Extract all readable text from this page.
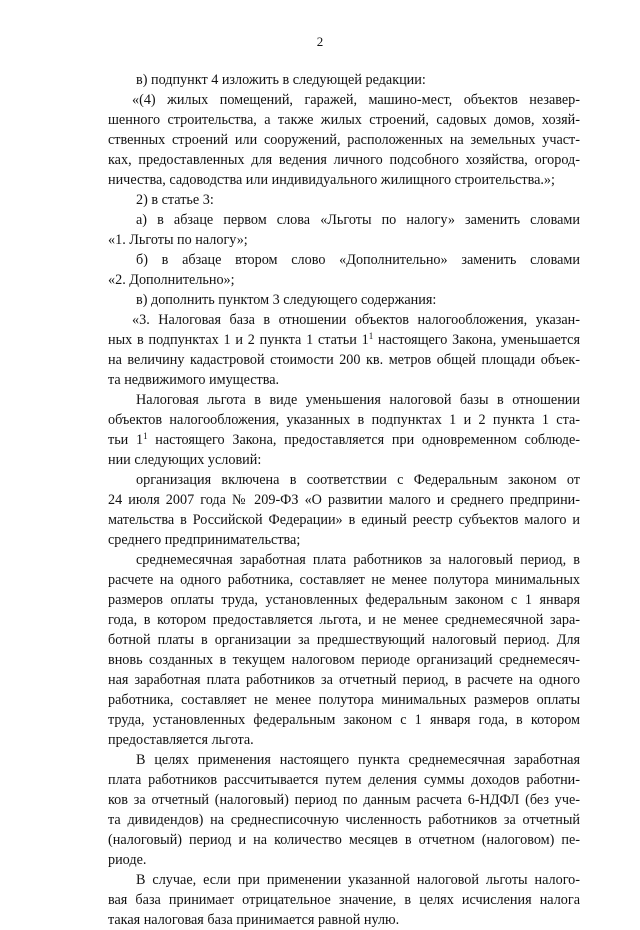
2
в) подпункт 4 изложить в следующей редакции:
«(4) жилых помещений, гаражей, машино-мест, объектов незавер-
шенного строительства, а также жилых строений, садовых домов, хозяй-
ственных строений или сооружений, расположенных на земельных участ-
ках, предоставленных для ведения личного подсобного хозяйства, огород-
ничества, садоводства или индивидуального жилищного строительства.»;
2) в статье 3:
а) в абзаце первом слова «Льготы по налогу» заменить словами
«1. Льготы по налогу»;
б) в абзаце втором слово «Дополнительно» заменить словами
«2. Дополнительно»;
в) дополнить пунктом 3 следующего содержания:
«3. Налоговая база в отношении объектов налогообложения, указан-
ных в подпунктах 1 и 2 пункта 1 статьи $1^1$ настоящего Закона, уменьшается
на величину кадастровой стоимости 200 кв. метров общей площади объек-
та недвижимого имущества.
Налоговая льгота в виде уменьшения налоговой базы в отношении
объектов налогообложения, указанных в подпунктах 1 и 2 пункта 1 ста-
тьи $1^1$ настоящего Закона, предоставляется при одновременном соблюде-
нии следующих условий:
организация включена в соответствии с Федеральным законом от
24 июля 2007 года № 209-ФЗ «О развитии малого и среднего предприни-
мательства в Российской Федерации» в единый реестр субъектов малого и
среднего предпринимательства;
среднемесячная заработная плата работников за налоговый период, в
расчете на одного работника, составляет не менее полутора минимальных
размеров оплаты труда, установленных федеральным законом с 1 января
года, в котором предоставляется льгота, и не менее среднемесячной зара-
ботной платы в организации за предшествующий налоговый период. Для
вновь созданных в текущем налоговом периоде организаций среднемесяч-
ная заработная плата работников за отчетный период, в расчете на одного
работника, составляет не менее полутора минимальных размеров оплаты
труда, установленных федеральным законом с 1 января года, в котором
предоставляется льгота.
В целях применения настоящего пункта среднемесячная заработная
плата работников рассчитывается путем деления суммы доходов работни-
ков за отчетный (налоговый) период по данным расчета 6-НДФЛ (без уче-
та дивидендов) на среднесписочную численность работников за отчетный
(налоговый) период и на количество месяцев в отчетном (налоговом) пе-
риоде.
В случае, если при применении указанной налоговой льготы налого-
вая база принимает отрицательное значение, в целях исчисления налога
такая налоговая база принимается равной нулю.
